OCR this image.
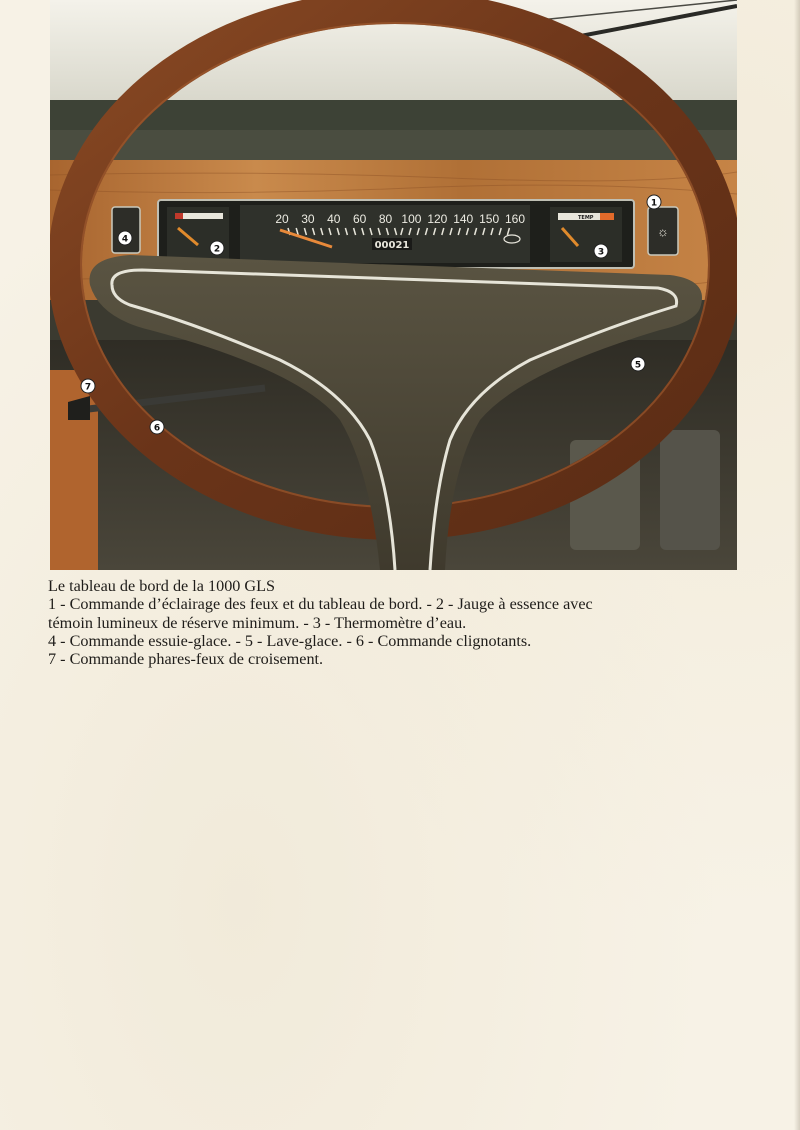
20 30 40 60 80 100 120 140 150 160
00021
TEMP
☼
1
2	3
4
5
6
7
Le tableau de bord de la 1000 GLS
1 - Commande d’éclairage des feux et du tableau de bord. - 2 - Jauge à essence avec
témoin lumineux de réserve minimum. - 3 - Thermomètre d’eau.
4 - Commande essuie-glace. - 5 - Lave-glace. - 6 - Commande clignotants.
7 - Commande phares-feux de croisement.
